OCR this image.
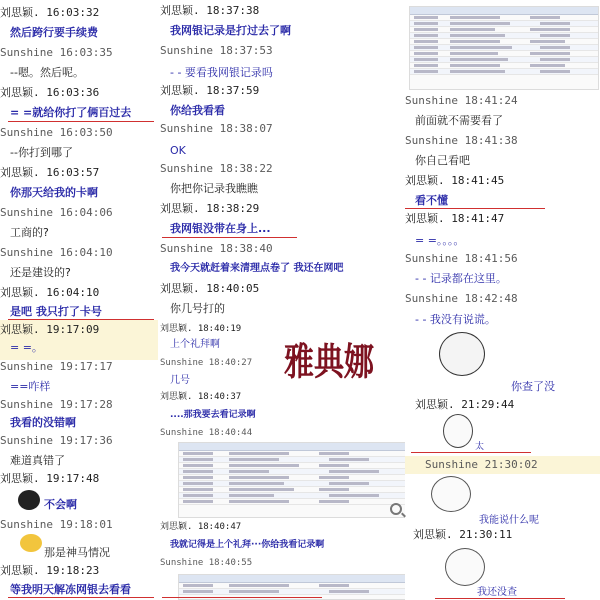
刘思颖. 16:03:32
然后跨行要手续费
Sunshine 16:03:35
--嗯。然后呢。
刘思颖. 16:03:36
= =就给你打了俩百过去
Sunshine 16:03:50
--你打到哪了
刘思颖. 16:03:57
你那天给我的卡啊
Sunshine 16:04:06
工商的?
Sunshine 16:04:10
还是建设的?
刘思颖. 16:04:10
是吧 我只打了卡号
刘思颖. 19:17:09
= =。
Sunshine 19:17:17
==咋样
Sunshine 19:17:28
我看的没错啊
Sunshine 19:17:36
难道真错了
刘思颖. 19:17:48
不会啊
Sunshine 19:18:01
那是神马情况
刘思颖. 19:18:23
等我明天解冻网银去看看
刘思颖. 18:37:38
我网银记录是打过去了啊
Sunshine 18:37:53
- - 要看我网银记录吗
刘思颖. 18:37:59
你给我看看
Sunshine 18:38:07
OK
Sunshine 18:38:22
你把你记录我瞧瞧
刘思颖. 18:38:29
我网银没带在身上...
Sunshine 18:38:40
我今天就赶着来清理点卷了 我还在网吧
刘思颖. 18:40:05
你几号打的
刘思颖. 18:40:19
上个礼拜啊
Sunshine 18:40:27
几号
刘思颖. 18:40:37
....那我要去看记录啊
Sunshine 18:40:44
刘思颖. 18:40:47
我就记得是上个礼拜···你给我看记录啊
Sunshine 18:40:55
Sunshine 18:41:24
前面就不需要看了
Sunshine 18:41:38
你自己看吧
刘思颖. 18:41:45
看不懂
刘思颖. 18:41:47
= =。。。。
Sunshine 18:41:56
- - 记录都在这里。
Sunshine 18:42:48
- - 我没有说谎。
你查了没
刘思颖. 21:29:44
太
Sunshine 21:30:02
我能说什么呢
刘思颖. 21:30:11
我还没查
雅典娜
